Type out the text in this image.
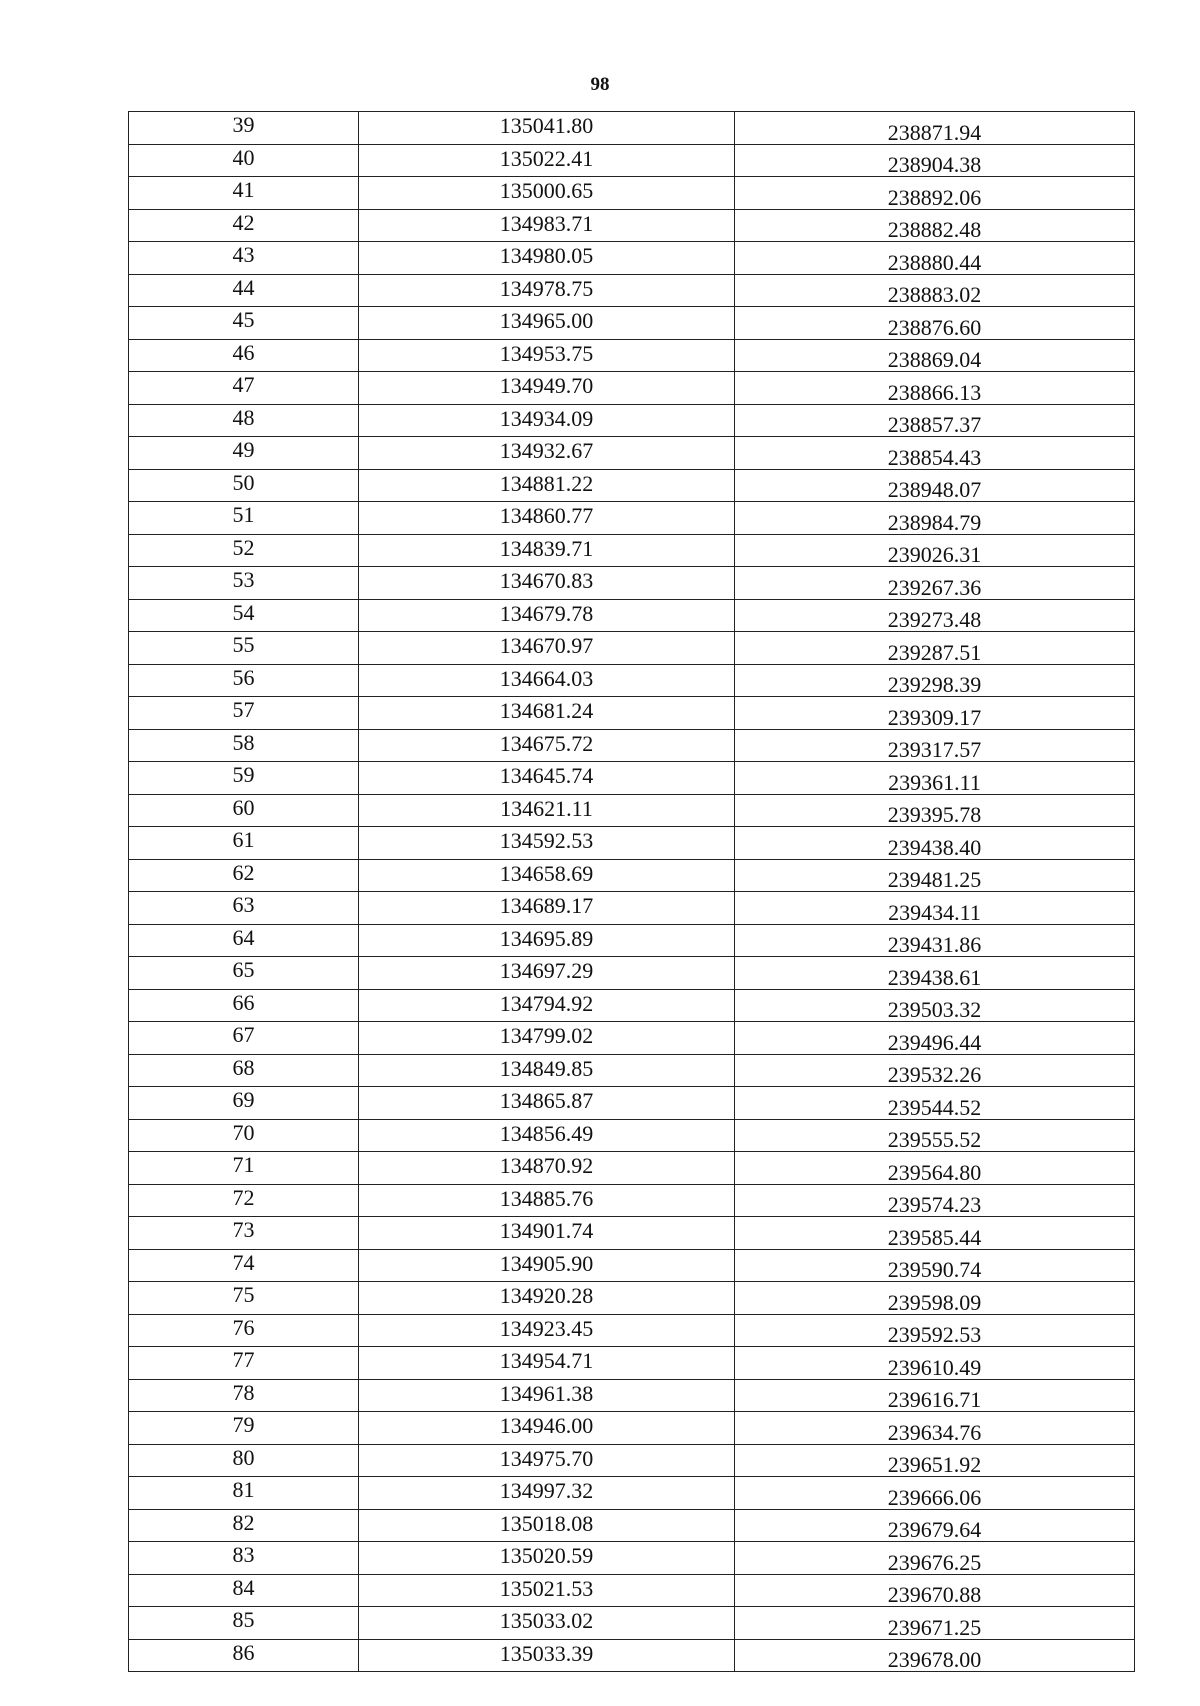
98
39	135041.80	238871.94
40	135022.41	238904.38
41	135000.65	238892.06
42	134983.71	238882.48
43	134980.05	238880.44
44	134978.75	238883.02
45	134965.00	238876.60
46	134953.75	238869.04
47	134949.70	238866.13
48	134934.09	238857.37
49	134932.67	238854.43
50	134881.22	238948.07
51	134860.77	238984.79
52	134839.71	239026.31
53	134670.83	239267.36
54	134679.78	239273.48
55	134670.97	239287.51
56	134664.03	239298.39
57	134681.24	239309.17
58	134675.72	239317.57
59	134645.74	239361.11
60	134621.11	239395.78
61	134592.53	239438.40
62	134658.69	239481.25
63	134689.17	239434.11
64	134695.89	239431.86
65	134697.29	239438.61
66	134794.92	239503.32
67	134799.02	239496.44
68	134849.85	239532.26
69	134865.87	239544.52
70	134856.49	239555.52
71	134870.92	239564.80
72	134885.76	239574.23
73	134901.74	239585.44
74	134905.90	239590.74
75	134920.28	239598.09
76	134923.45	239592.53
77	134954.71	239610.49
78	134961.38	239616.71
79	134946.00	239634.76
80	134975.70	239651.92
81	134997.32	239666.06
82	135018.08	239679.64
83	135020.59	239676.25
84	135021.53	239670.88
85	135033.02	239671.25
86	135033.39	239678.00
